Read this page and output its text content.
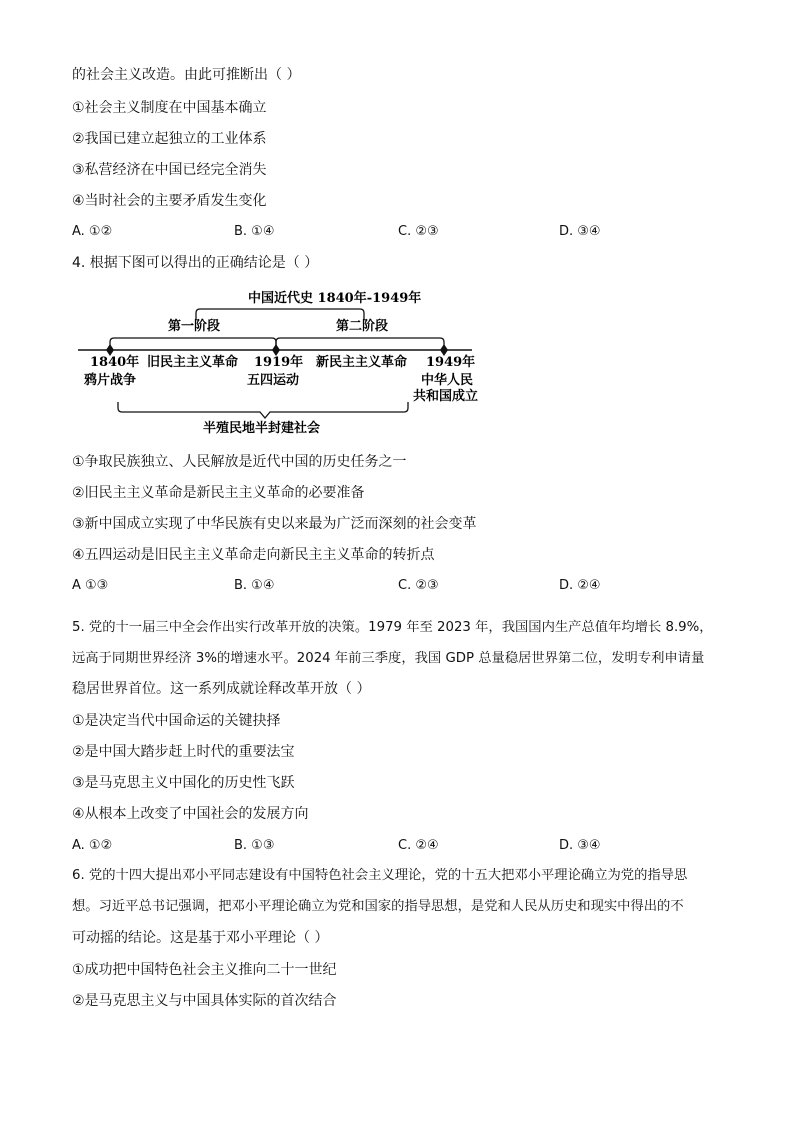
的社会主义改造。由此可推断出（ ）
①社会主义制度在中国基本确立
②我国已建立起独立的工业体系
③私营经济在中国已经完全消失
④当时社会的主要矛盾发生变化
A. ①②	B. ①④	C. ②③	D. ③④
4. 根据下图可以得出的正确结论是（ ）
中国近代史 1840年-1949年
第一阶段	第二阶段
1840年 旧民主主义革命 1919年 新民主主义革命 1949年
鸦片战争	五四运动	中华人民
共和国成立
半殖民地半封建社会
①争取民族独立、人民解放是近代中国的历史任务之一
②旧民主主义革命是新民主主义革命的必要准备
③新中国成立实现了中华民族有史以来最为广泛而深刻的社会变革
④五四运动是旧民主主义革命走向新民主主义革命的转折点
A ①③	B. ①④	C. ②③	D. ②④
5. 党的十一届三中全会作出实行改革开放的决策。1979 年至 2023 年，我国国内生产总值年均增长 8.9%，
远高于同期世界经济 3%的增速水平。2024 年前三季度，我国 GDP 总量稳居世界第二位，发明专利申请量
稳居世界首位。这一系列成就诠释改革开放（ ）
①是决定当代中国命运的关键抉择
②是中国大踏步赶上时代的重要法宝
③是马克思主义中国化的历史性飞跃
④从根本上改变了中国社会的发展方向
A. ①②	B. ①③	C. ②④	D. ③④
6. 党的十四大提出邓小平同志建设有中国特色社会主义理论，党的十五大把邓小平理论确立为党的指导思
想。习近平总书记强调，把邓小平理论确立为党和国家的指导思想，是党和人民从历史和现实中得出的不
可动摇的结论。这是基于邓小平理论（ ）
①成功把中国特色社会主义推向二十一世纪
②是马克思主义与中国具体实际的首次结合
